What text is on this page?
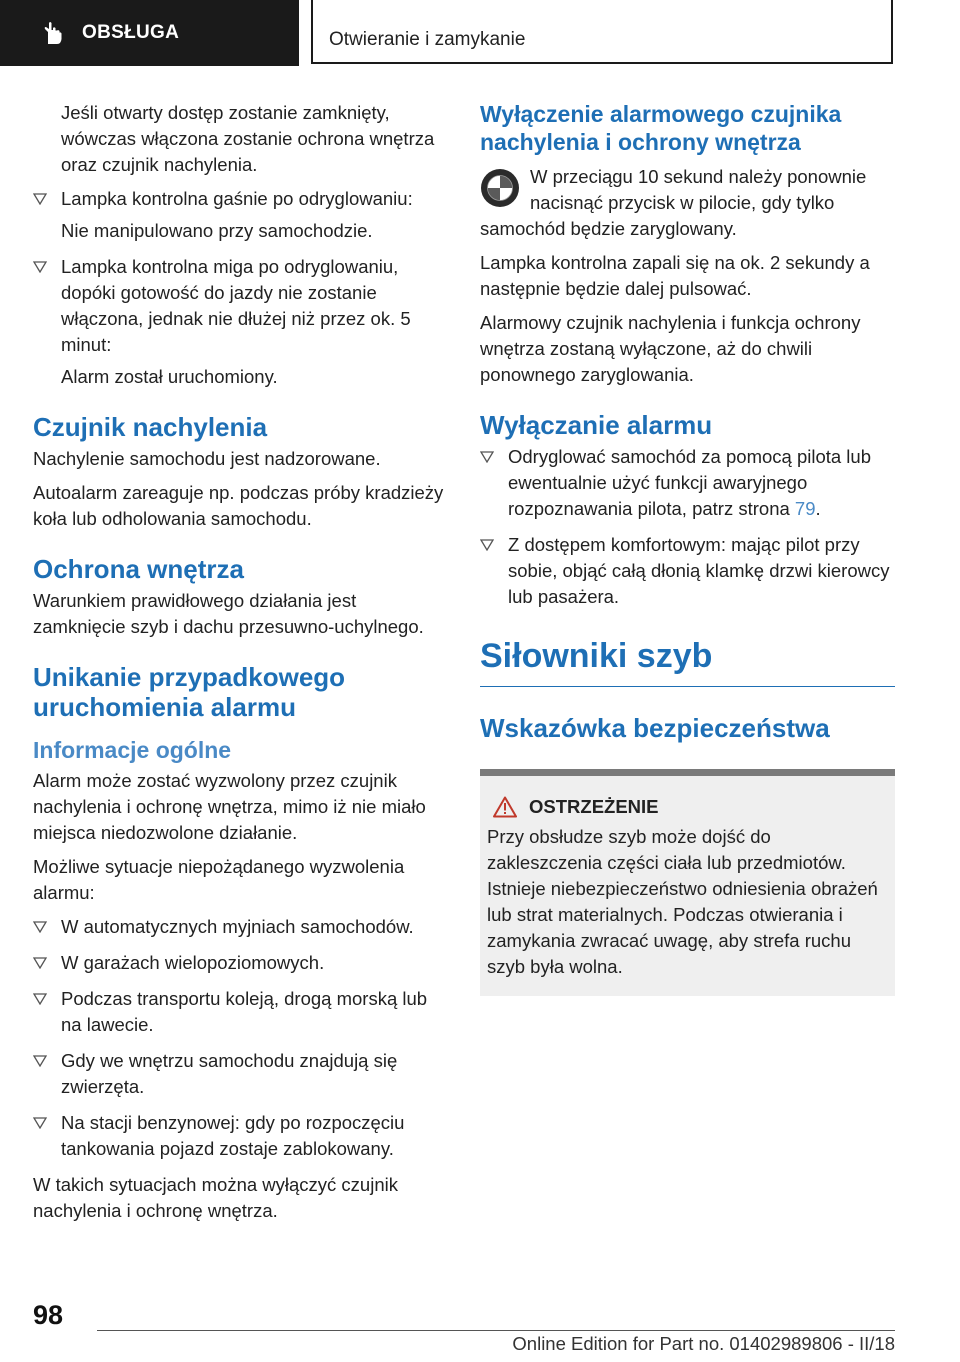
OBSŁUGA	Otwieranie i zamykanie

Jeśli otwarty dostęp zostanie zamknięty, wówczas włączona zostanie ochrona wnętrza oraz czujnik nachylenia.

Lampka kontrolna gaśnie po odryglowaniu:

Nie manipulowano przy samochodzie.

Lampka kontrolna miga po odryglowaniu, dopóki gotowość do jazdy nie zostanie włączona, jednak nie dłużej niż przez ok. 5 minut:

Alarm został uruchomiony.

Czujnik nachylenia

Nachylenie samochodu jest nadzorowane.

Autoalarm zareaguje np. podczas próby kradzieży koła lub odholowania samochodu.

Ochrona wnętrza

Warunkiem prawidłowego działania jest zamknięcie szyb i dachu przesuwno-uchylnego.

Unikanie przypadkowego uruchomienia alarmu
Informacje ogólne

Alarm może zostać wyzwolony przez czujnik nachylenia i ochronę wnętrza, mimo iż nie miało miejsca niedozwolone działanie.

Możliwe sytuacje niepożądanego wyzwolenia alarmu:

W automatycznych myjniach samochodów.

W garażach wielopoziomowych.

Podczas transportu koleją, drogą morską lub na lawecie.

Gdy we wnętrzu samochodu znajdują się zwierzęta.

Na stacji benzynowej: gdy po rozpoczęciu tankowania pojazd zostaje zablokowany.

W takich sytuacjach można wyłączyć czujnik nachylenia i ochronę wnętrza.

Wyłączenie alarmowego czujnika nachylenia i ochrony wnętrza

W przeciągu 10 sekund należy ponownie nacisnąć przycisk w pilocie, gdy tylko samochód będzie zaryglowany.

Lampka kontrolna zapali się na ok. 2 sekundy a następnie będzie dalej pulsować.

Alarmowy czujnik nachylenia i funkcja ochrony wnętrza zostaną wyłączone, aż do chwili ponownego zaryglowania.

Wyłączanie alarmu

Odryglować samochód za pomocą pilota lub ewentualnie użyć funkcji awaryjnego rozpoznawania pilota, patrz strona 79.

Z dostępem komfortowym: mając pilot przy sobie, objąć całą dłonią klamkę drzwi kierowcy lub pasażera.

Siłowniki szyb
Wskazówka bezpieczeństwa
OSTRZEŻENIE

Przy obsłudze szyb może dojść do zakleszczenia części ciała lub przedmiotów. Istnieje niebezpieczeństwo odniesienia obrażeń lub strat materialnych. Podczas otwierania i zamykania zwracać uwagę, aby strefa ruchu szyb była wolna.

98
Online Edition for Part no. 01402989806 - II/18
